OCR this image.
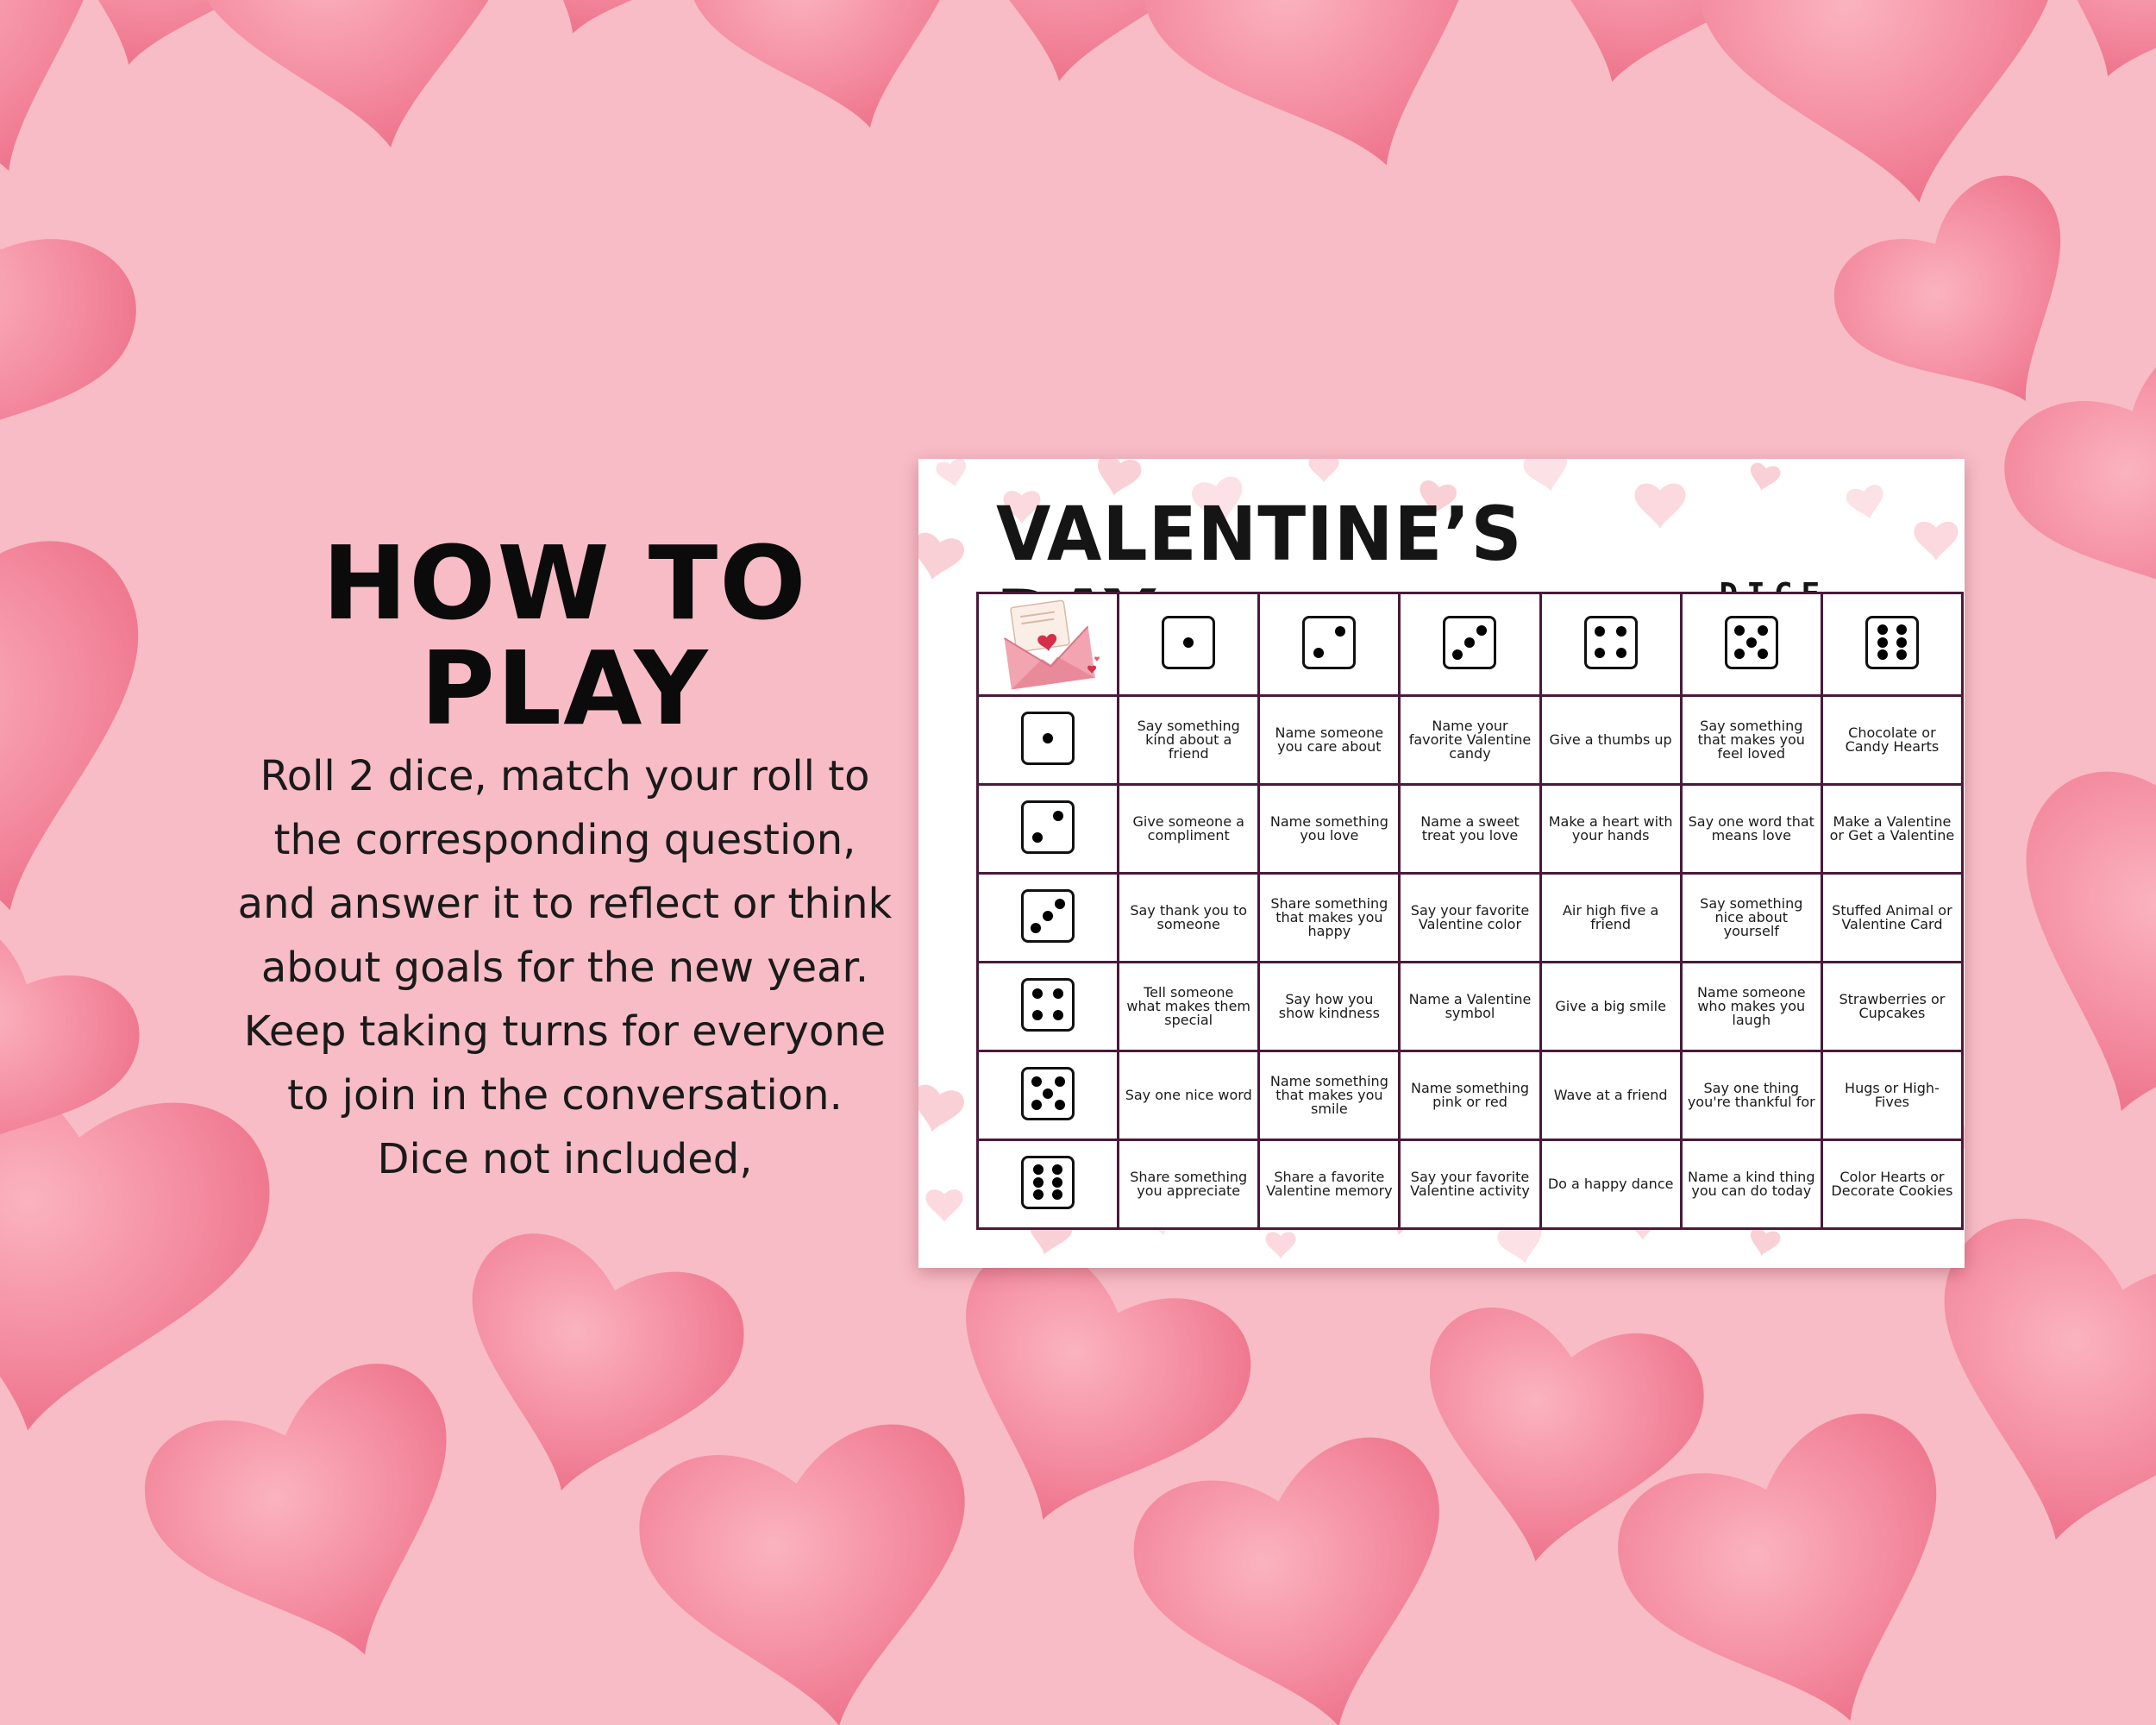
HOW TO
PLAY
Roll 2 dice, match your roll to
the corresponding question,
and answer it to reflect or think
about goals for the new year.
Keep taking turns for everyone
to join in the conversation.
Dice not included,
VALENTINE’S

	Say something kind about a friend	Name someone you care about	Name your favorite Valentine candy	Give a thumbs up	Say something that makes you feel loved	Chocolate or Candy Hearts

	Give someone a compliment	Name something you love	Name a sweet treat you love	Make a heart with your hands	Say one word that means love	Make a Valentine or Get a Valentine

	Say thank you to someone	Share something that makes you happy	Say your favorite Valentine color	Air high five a friend	Say something nice about yourself	Stuffed Animal or Valentine Card

	Tell someone what makes them special	Say how you show kindness	Name a Valentine symbol	Give a big smile	Name someone who makes you laugh	Strawberries or Cupcakes

	Say one nice word	Name something that makes you smile	Name something pink or red	Wave at a friend	Say one thing you're thankful for	Hugs or High-Fives

	Share something you appreciate	Share a favorite Valentine memory	Say your favorite Valentine activity	Do a happy dance	Name a kind thing you can do today	Color Hearts or Decorate Cookies
